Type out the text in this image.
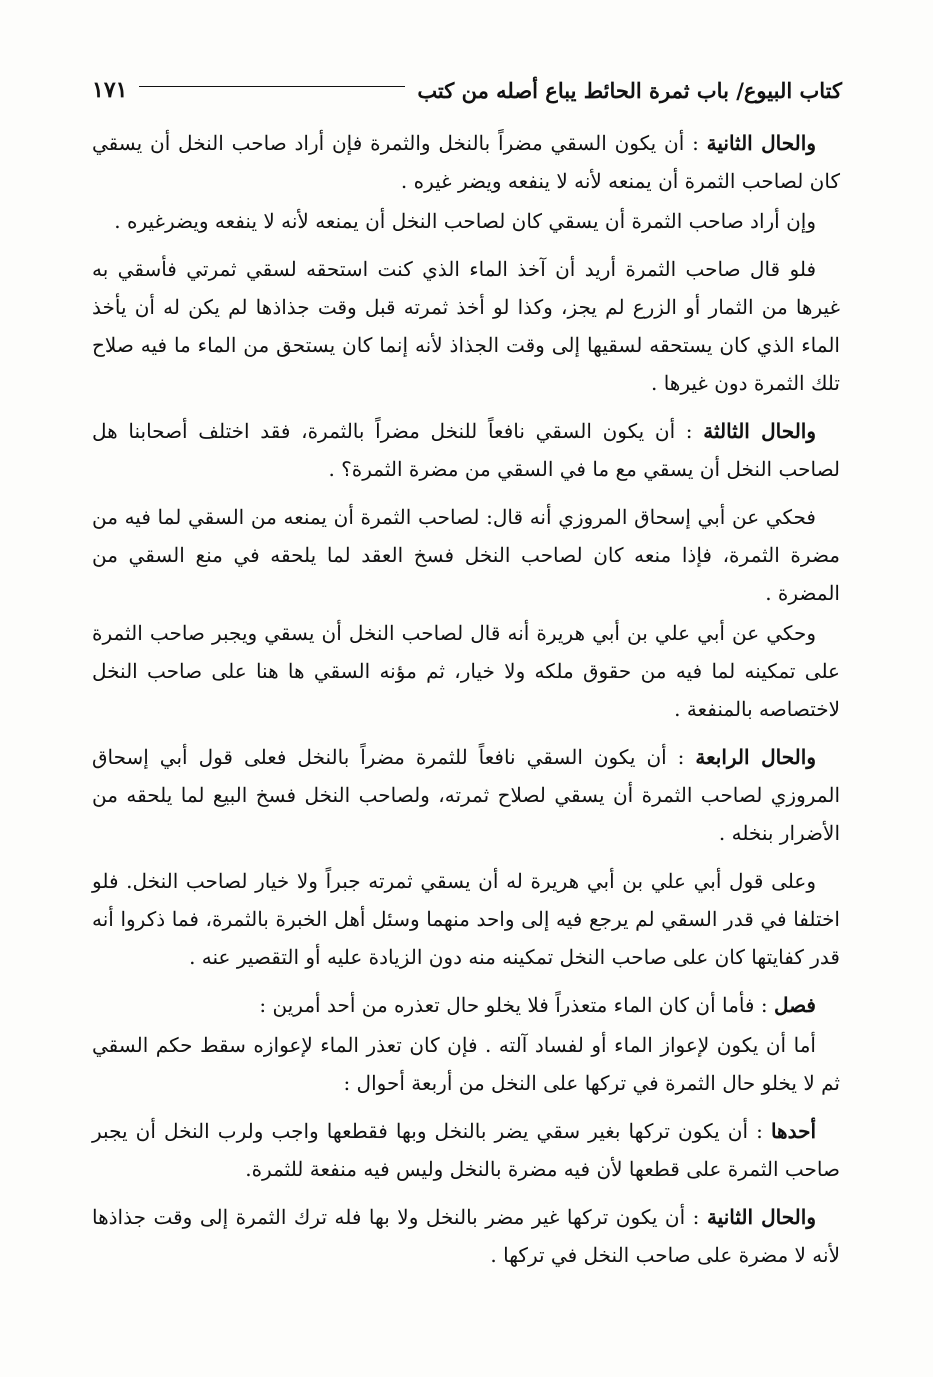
كتاب البيوع/ باب ثمرة الحائط يباع أصله من كتب
١٧١

والحال الثانية : أن يكون السقي مضراً بالنخل والثمرة فإن أراد صاحب النخل أن يسقي كان لصاحب الثمرة أن يمنعه لأنه لا ينفعه ويضر غيره .

وإن أراد صاحب الثمرة أن يسقي كان لصاحب النخل أن يمنعه لأنه لا ينفعه ويضرغيره .

فلو قال صاحب الثمرة أريد أن آخذ الماء الذي كنت استحقه لسقي ثمرتي فأسقي به غيرها من الثمار أو الزرع لم يجز، وكذا لو أخذ ثمرته قبل وقت جذاذها لم يكن له أن يأخذ الماء الذي كان يستحقه لسقيها إلى وقت الجذاذ لأنه إنما كان يستحق من الماء ما فيه صلاح تلك الثمرة دون غيرها .

والحال الثالثة : أن يكون السقي نافعاً للنخل مضراً بالثمرة، فقد اختلف أصحابنا هل لصاحب النخل أن يسقي مع ما في السقي من مضرة الثمرة؟ .

فحكي عن أبي إسحاق المروزي أنه قال: لصاحب الثمرة أن يمنعه من السقي لما فيه من مضرة الثمرة، فإذا منعه كان لصاحب النخل فسخ العقد لما يلحقه في منع السقي من المضرة .

وحكي عن أبي علي بن أبي هريرة أنه قال لصاحب النخل أن يسقي ويجبر صاحب الثمرة على تمكينه لما فيه من حقوق ملكه ولا خيار، ثم مؤنه السقي ها هنا على صاحب النخل لاختصاصه بالمنفعة .

والحال الرابعة : أن يكون السقي نافعاً للثمرة مضراً بالنخل فعلى قول أبي إسحاق المروزي لصاحب الثمرة أن يسقي لصلاح ثمرته، ولصاحب النخل فسخ البيع لما يلحقه من الأضرار بنخله .

وعلى قول أبي علي بن أبي هريرة له أن يسقي ثمرته جبراً ولا خيار لصاحب النخل. فلو اختلفا في قدر السقي لم يرجع فيه إلى واحد منهما وسئل أهل الخبرة بالثمرة، فما ذكروا أنه قدر كفايتها كان على صاحب النخل تمكينه منه دون الزيادة عليه أو التقصير عنه .

فصل : فأما أن كان الماء متعذراً فلا يخلو حال تعذره من أحد أمرين :

أما أن يكون لإعواز الماء أو لفساد آلته . فإن كان تعذر الماء لإعوازه سقط حكم السقي ثم لا يخلو حال الثمرة في تركها على النخل من أربعة أحوال :

أحدها : أن يكون تركها بغير سقي يضر بالنخل وبها فقطعها واجب ولرب النخل أن يجبر صاحب الثمرة على قطعها لأن فيه مضرة بالنخل وليس فيه منفعة للثمرة.

والحال الثانية : أن يكون تركها غير مضر بالنخل ولا بها فله ترك الثمرة إلى وقت جذاذها لأنه لا مضرة على صاحب النخل في تركها .
